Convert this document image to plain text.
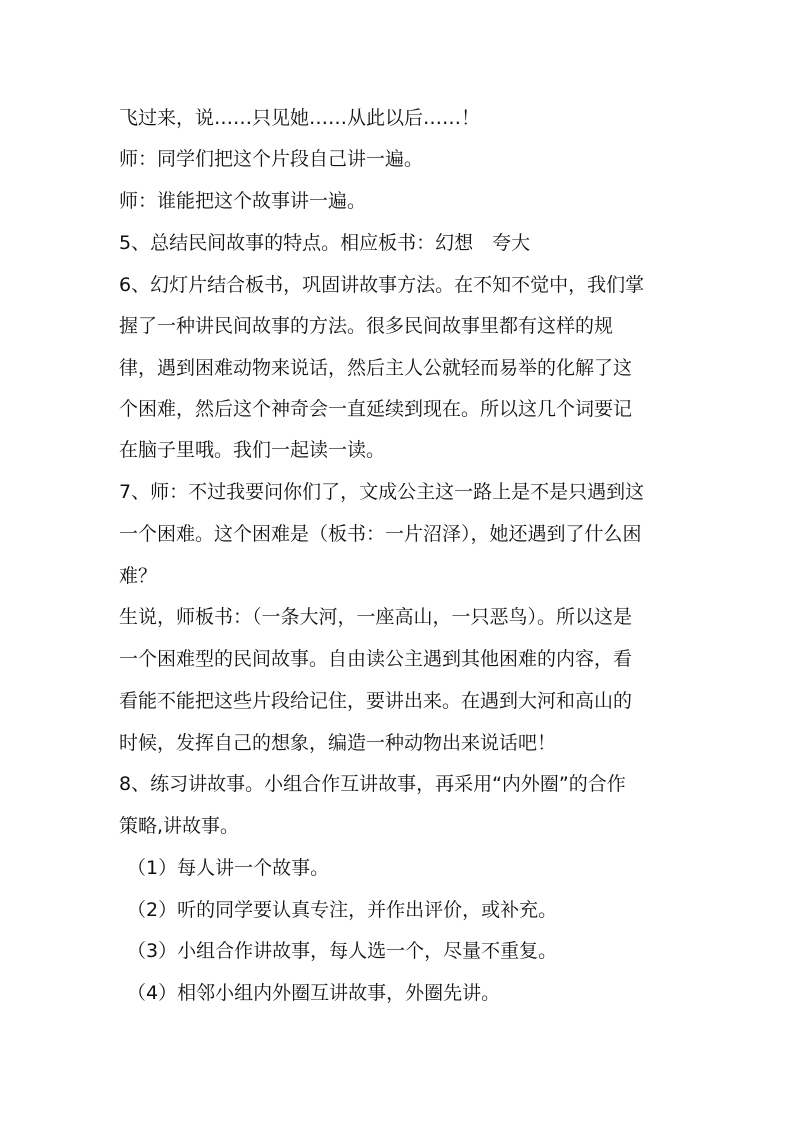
飞过来，说……只见她……从此以后……！
师：同学们把这个片段自己讲一遍。
师：谁能把这个故事讲一遍。
5、总结民间故事的特点。相应板书：幻想　夸大
6、幻灯片结合板书，巩固讲故事方法。在不知不觉中，我们掌
握了一种讲民间故事的方法。很多民间故事里都有这样的规
律，遇到困难动物来说话，然后主人公就轻而易举的化解了这
个困难，然后这个神奇会一直延续到现在。所以这几个词要记
在脑子里哦。我们一起读一读。
7、师：不过我要问你们了，文成公主这一路上是不是只遇到这
一个困难。这个困难是（板书：一片沼泽），她还遇到了什么困
难？
生说，师板书：（一条大河，一座高山，一只恶鸟）。所以这是
一个困难型的民间故事。自由读公主遇到其他困难的内容，看
看能不能把这些片段给记住，要讲出来。在遇到大河和高山的
时候，发挥自己的想象，编造一种动物出来说话吧！
8、练习讲故事。小组合作互讲故事，再采用“内外圈”的合作
策略,讲故事。
（1）每人讲一个故事。
（2）听的同学要认真专注，并作出评价，或补充。
（3）小组合作讲故事，每人选一个，尽量不重复。
（4）相邻小组内外圈互讲故事，外圈先讲。
